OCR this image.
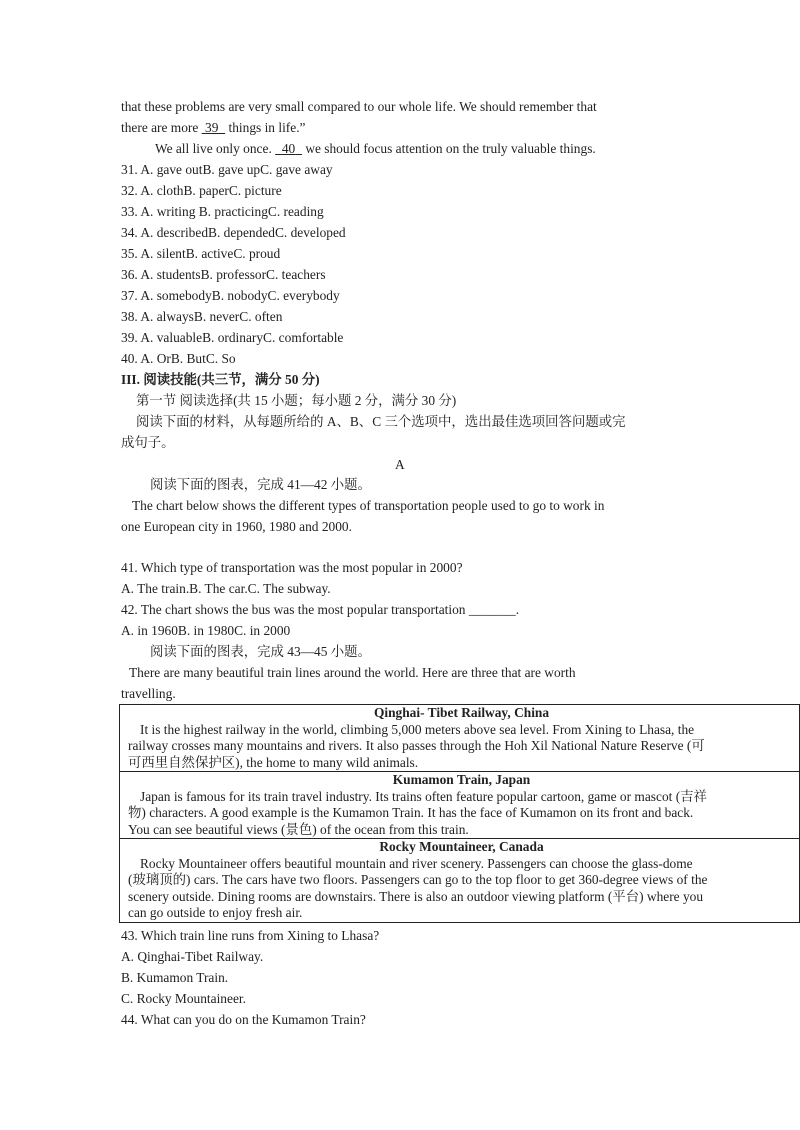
that these problems are very small compared to our whole life. We should remember that
there are more 39 things in life.”
We all live only once. 40 we should focus attention on the truly valuable things.
31. A. gave outB. gave upC. gave away
32. A. clothB. paperC. picture
33. A. writing B. practicingC. reading
34. A. describedB. dependedC. developed
35. A. silentB. activeC. proud
36. A. studentsB. professorC. teachers
37. A. somebodyB. nobodyC. everybody
38. A. alwaysB. neverC. often
39. A. valuableB. ordinaryC. comfortable
40. A. OrB. ButC. So
III. 阅读技能(共三节，满分 50 分)
第一节 阅读选择(共 15 小题；每小题 2 分，满分 30 分)
阅读下面的材料，从每题所给的 A、B、C 三个选项中，选出最佳选项回答问题或完
成句子。
A
阅读下面的图表，完成 41—42 小题。
The chart below shows the different types of transportation people used to go to work in
one European city in 1960, 1980 and 2000.
41. Which type of transportation was the most popular in 2000?
A. The train.B. The car.C. The subway.
42. The chart shows the bus was the most popular transportation _______.
A. in 1960B. in 1980C. in 2000
阅读下面的图表，完成 43—45 小题。
There are many beautiful train lines around the world. Here are three that are worth
travelling.
Qinghai- Tibet Railway, China
It is the highest railway in the world, climbing 5,000 meters above sea level. From Xining to Lhasa, the
railway crosses many mountains and rivers. It also passes through the Hoh Xil National Nature Reserve (可
可西里自然保护区), the home to many wild animals.

Kumamon Train, Japan
Japan is famous for its train travel industry. Its trains often feature popular cartoon, game or mascot (吉祥
物) characters. A good example is the Kumamon Train. It has the face of Kumamon on its front and back.
You can see beautiful views (景色) of the ocean from this train.

Rocky Mountaineer, Canada
Rocky Mountaineer offers beautiful mountain and river scenery. Passengers can choose the glass-dome
(玻璃顶的) cars. The cars have two floors. Passengers can go to the top floor to get 360-degree views of the
scenery outside. Dining rooms are downstairs. There is also an outdoor viewing platform (平台) where you
can go outside to enjoy fresh air.
43. Which train line runs from Xining to Lhasa?
A. Qinghai-Tibet Railway.
B. Kumamon Train.
C. Rocky Mountaineer.
44. What can you do on the Kumamon Train?
